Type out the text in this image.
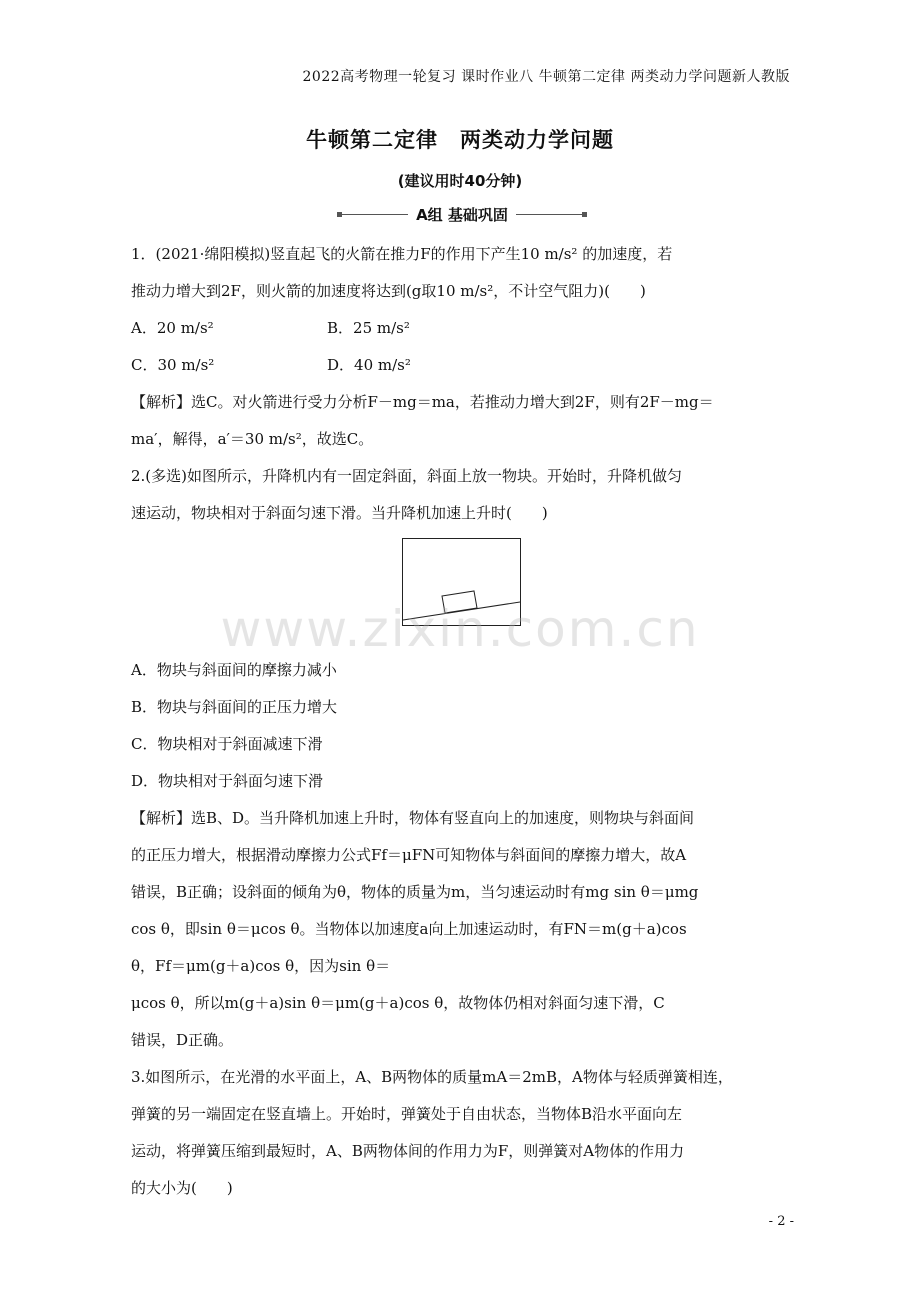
2022高考物理一轮复习 课时作业八 牛顿第二定律 两类动力学问题新人教版
牛顿第二定律　两类动力学问题
(建议用时40分钟)
A组 基础巩固

1．(2021·绵阳模拟)竖直起飞的火箭在推力F的作用下产生10 m/s² 的加速度，若

推动力增大到2F，则火箭的加速度将达到(g取10 m/s²，不计空气阻力)(　　)

A．20 m/s²	B．25 m/s²
C．30 m/s²	D．40 m/s²

【解析】选C。对火箭进行受力分析F－mg＝ma，若推动力增大到2F，则有2F－mg＝

ma′，解得，a′＝30 m/s²，故选C。

2.(多选)如图所示，升降机内有一固定斜面，斜面上放一物块。开始时，升降机做匀

速运动，物块相对于斜面匀速下滑。当升降机加速上升时(　　)

A．物块与斜面间的摩擦力减小

B．物块与斜面间的正压力增大

C．物块相对于斜面减速下滑

D．物块相对于斜面匀速下滑

【解析】选B、D。当升降机加速上升时，物体有竖直向上的加速度，则物块与斜面间

的正压力增大，根据滑动摩擦力公式Ff＝μFN可知物体与斜面间的摩擦力增大，故A

错误，B正确；设斜面的倾角为θ，物体的质量为m，当匀速运动时有mg sin θ＝μmg

cos θ，即sin θ＝μcos θ。当物体以加速度a向上加速运动时，有FN＝m(g＋a)cos

θ，Ff＝μm(g＋a)cos θ，因为sin θ＝

μcos θ，所以m(g＋a)sin θ＝μm(g＋a)cos θ，故物体仍相对斜面匀速下滑，C

错误，D正确。

3.如图所示，在光滑的水平面上，A、B两物体的质量mA＝2mB，A物体与轻质弹簧相连，

弹簧的另一端固定在竖直墙上。开始时，弹簧处于自由状态，当物体B沿水平面向左

运动，将弹簧压缩到最短时，A、B两物体间的作用力为F，则弹簧对A物体的作用力

的大小为(　　)

www.zixin.com.cn
- 2 -
